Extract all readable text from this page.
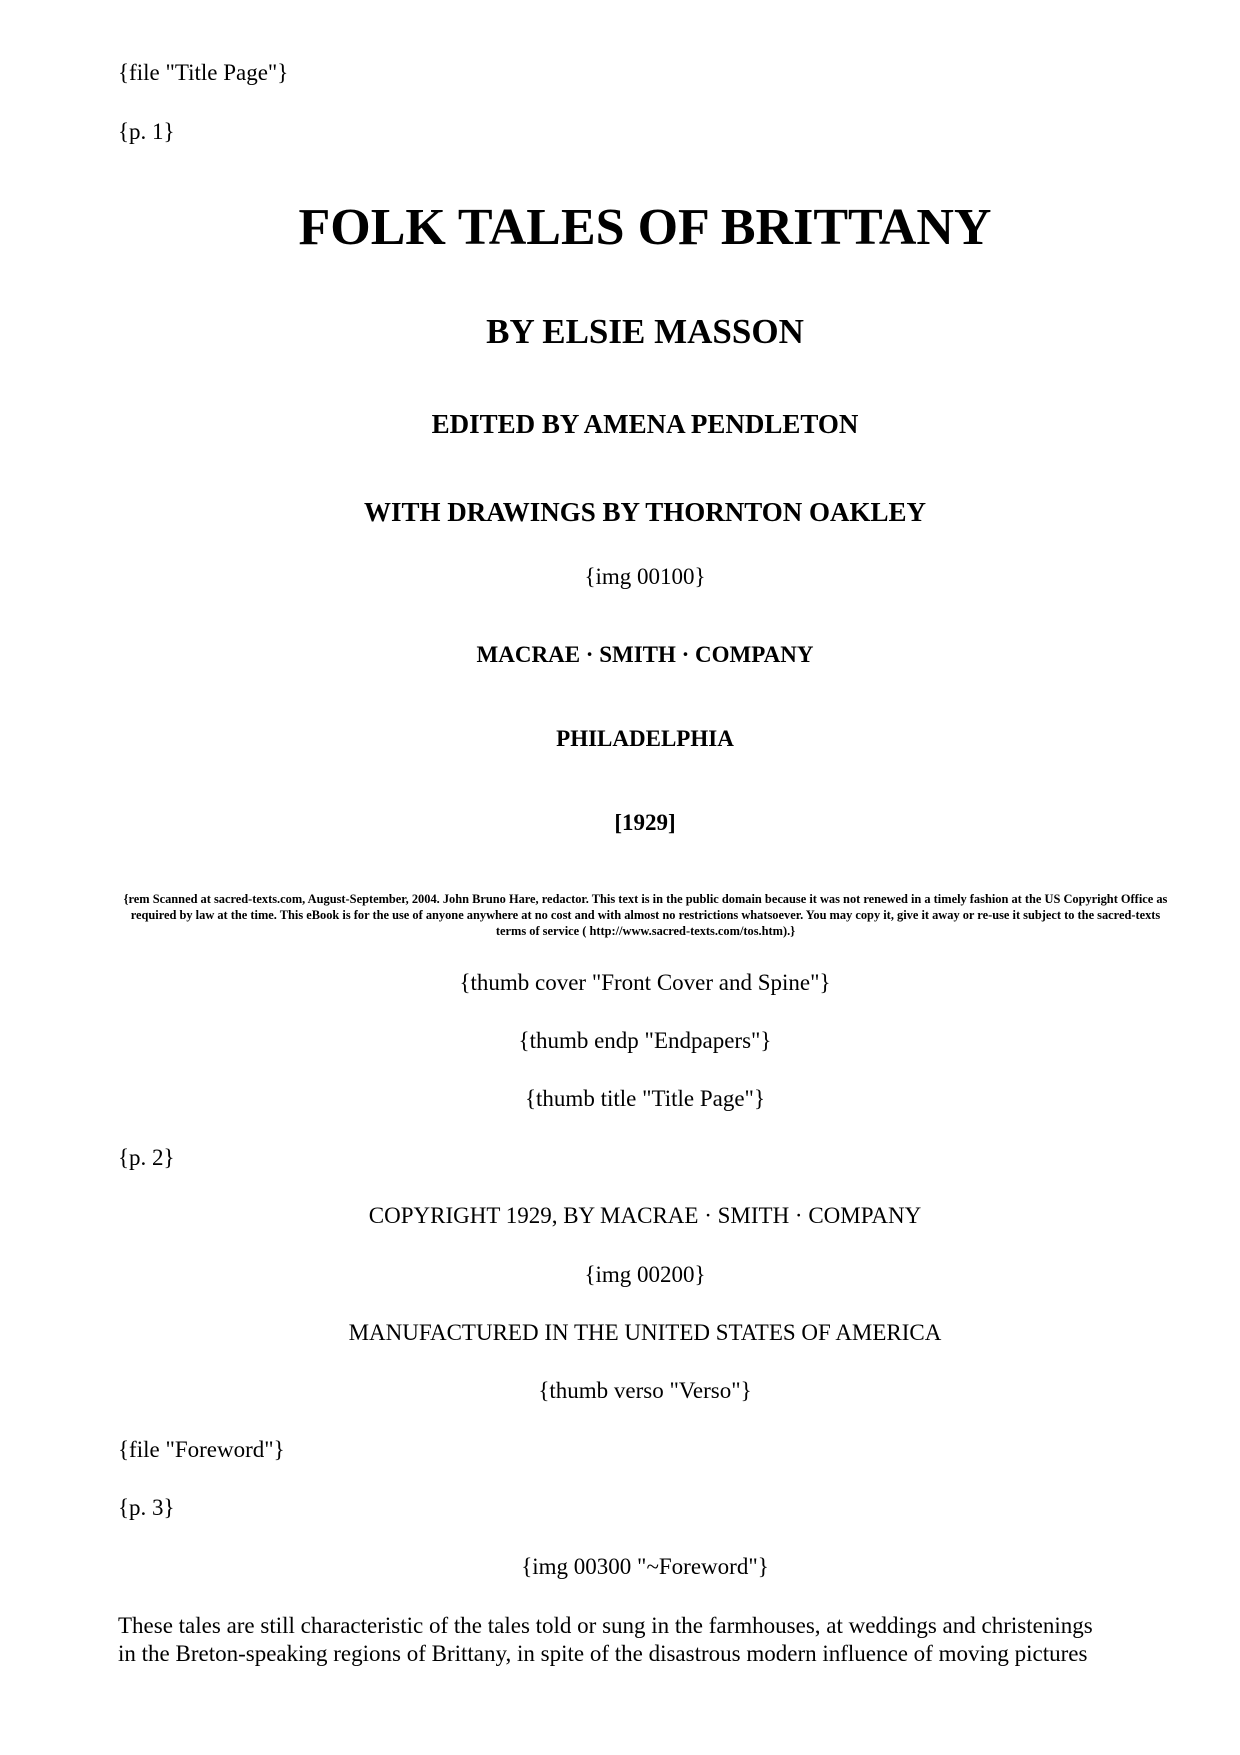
{file "Title Page"}
{p. 1}
FOLK TALES OF BRITTANY
BY ELSIE MASSON
EDITED BY AMENA PENDLETON
WITH DRAWINGS BY THORNTON OAKLEY
{img 00100}
MACRAE · SMITH · COMPANY
PHILADELPHIA
[1929]
{rem Scanned at sacred-texts.com, August-September, 2004. John Bruno Hare, redactor. This text is in the public domain because it was not renewed in a timely fashion at the US Copyright Office as required by law at the time. This eBook is for the use of anyone anywhere at no cost and with almost no restrictions whatsoever. You may copy it, give it away or re-use it subject to the sacred-texts terms of service ( http://www.sacred-texts.com/tos.htm).}
{thumb cover "Front Cover and Spine"}
{thumb endp "Endpapers"}
{thumb title "Title Page"}
{p. 2}
COPYRIGHT 1929, BY MACRAE · SMITH · COMPANY
{img 00200}
MANUFACTURED IN THE UNITED STATES OF AMERICA
{thumb verso "Verso"}
{file "Foreword"}
{p. 3}
{img 00300 "~Foreword"}
These tales are still characteristic of the tales told or sung in the farmhouses, at weddings and christenings
in the Breton-speaking regions of Brittany, in spite of the disastrous modern influence of moving pictures
